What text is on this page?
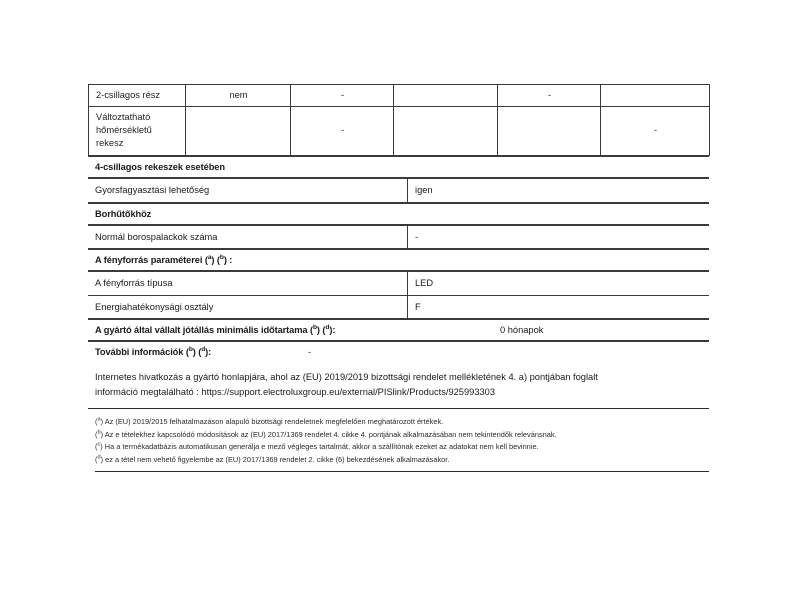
2-csillagos rész	nem	-		-	
Változtatható hőmérsékletű rekesz		-			-
4-csillagos rekeszek esetében
Gyorsfagyasztási lehetőség	igen
Borhűtőkhöz
Normál borospalackok száma	-
A fényforrás paraméterei ($^a$) ($^b$) :
A fényforrás típusa	LED
Energiahatékonysági osztály	F
A gyártó által vállalt jótállás minimális időtartama ($^b$) ($^d$):	0 hónapok
További információk ($^b$) ($^d$):	-
Internetes hivatkozás a gyártó honlapjára, ahol az (EU) 2019/2019 bizottsági rendelet mellékletének 4. a) pontjában foglalt
információ megtalálható : https://support.electroluxgroup.eu/external/PISlink/Products/925993303
($^a$) Az (EU) 2019/2015 felhatalmazáson alapuló bizottsági rendeletnek megfelelően meghatározott értékek.
($^b$) Az e tételekhez kapcsolódó módosítások az (EU) 2017/1369 rendelet 4. cikke 4. pontjának alkalmazásában nem tekintendők relevánsnak.
($^c$) Ha a termékadatbázis automatikusan generálja e mező végleges tartalmát, akkor a szállítónak ezeket az adatokat nem kell bevinnie.
($^d$) ez a tétel nem vehető figyelembe az (EU) 2017/1369 rendelet 2. cikke (6) bekezdésének alkalmazásakor.
